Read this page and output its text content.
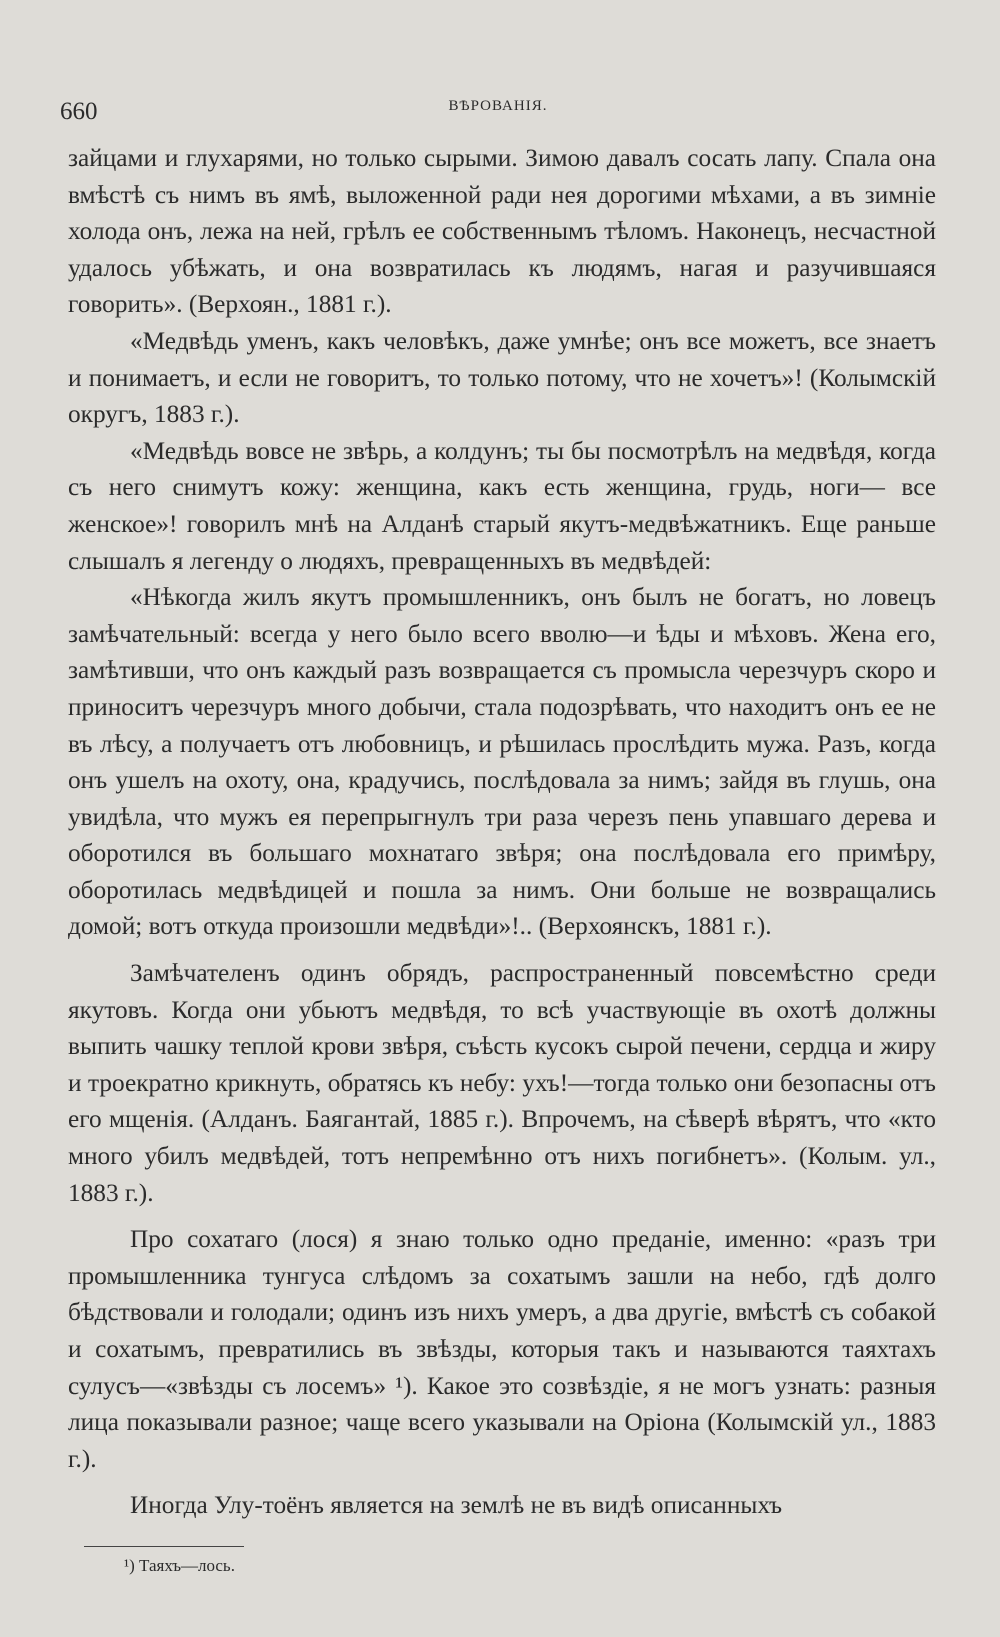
660	ВѢРОВАНІЯ.

зайцами и глухарями, но только сырыми. Зимою давалъ сосать лапу. Спала она вмѣстѣ съ нимъ въ ямѣ, выложенной ради нея дорогими мѣхами, а въ зимніе холода онъ, лежа на ней, грѣлъ ее собственнымъ тѣломъ. Наконецъ, несчастной удалось убѣжать, и она возвратилась къ людямъ, нагая и разучившаяся говорить». (Верхоян., 1881 г.).

«Медвѣдь уменъ, какъ человѣкъ, даже умнѣе; онъ все можетъ, все знаетъ и понимаетъ, и если не говоритъ, то только потому, что не хочетъ»! (Колымскій округъ, 1883 г.).

«Медвѣдь вовсе не звѣрь, а колдунъ; ты бы посмотрѣлъ на медвѣдя, когда съ него снимутъ кожу: женщина, какъ есть женщина, грудь, ноги— все женское»! говорилъ мнѣ на Алданѣ старый якутъ-медвѣжатникъ. Еще раньше слышалъ я легенду о людяхъ, превращенныхъ въ медвѣдей:

«Нѣкогда жилъ якутъ промышленникъ, онъ былъ не богатъ, но ловецъ замѣчательный: всегда у него было всего вволю—и ѣды и мѣховъ. Жена его, замѣтивши, что онъ каждый разъ возвращается съ промысла черезчуръ скоро и приноситъ черезчуръ много добычи, стала подозрѣвать, что находитъ онъ ее не въ лѣсу, а получаетъ отъ любовницъ, и рѣшилась прослѣдить мужа. Разъ, когда онъ ушелъ на охоту, она, крадучись, послѣдовала за нимъ; зайдя въ глушь, она увидѣла, что мужъ ея перепрыгнулъ три раза черезъ пень упавшаго дерева и оборотился въ большаго мохнатаго звѣря; она послѣдовала его примѣру, оборотилась медвѣдицей и пошла за нимъ. Они больше не возвращались домой; вотъ откуда произошли медвѣди»!.. (Верхоянскъ, 1881 г.).

Замѣчателенъ одинъ обрядъ, распространенный повсемѣстно среди якутовъ. Когда они убьютъ медвѣдя, то всѣ участвующіе въ охотѣ должны выпить чашку теплой крови звѣря, съѣсть кусокъ сырой печени, сердца и жиру и троекратно крикнуть, обратясь къ небу: ухъ!—тогда только они безопасны отъ его мщенія. (Алданъ. Баягантай, 1885 г.). Впрочемъ, на сѣверѣ вѣрятъ, что «кто много убилъ медвѣдей, тотъ непремѣнно отъ нихъ погибнетъ». (Колым. ул., 1883 г.).

Про сохатаго (лося) я знаю только одно преданіе, именно: «разъ три промышленника тунгуса слѣдомъ за сохатымъ зашли на небо, гдѣ долго бѣдствовали и голодали; одинъ изъ нихъ умеръ, а два другіе, вмѣстѣ съ собакой и сохатымъ, превратились въ звѣзды, которыя такъ и называются таяхтахъ сулусъ—«звѣзды съ лосемъ» ¹). Какое это созвѣздіе, я не могъ узнать: разныя лица показывали разное; чаще всего указывали на Оріона (Колымскій ул., 1883 г.).

Иногда Улу-тоёнъ является на землѣ не въ видѣ описанныхъ

¹) Таяхъ—лось.
